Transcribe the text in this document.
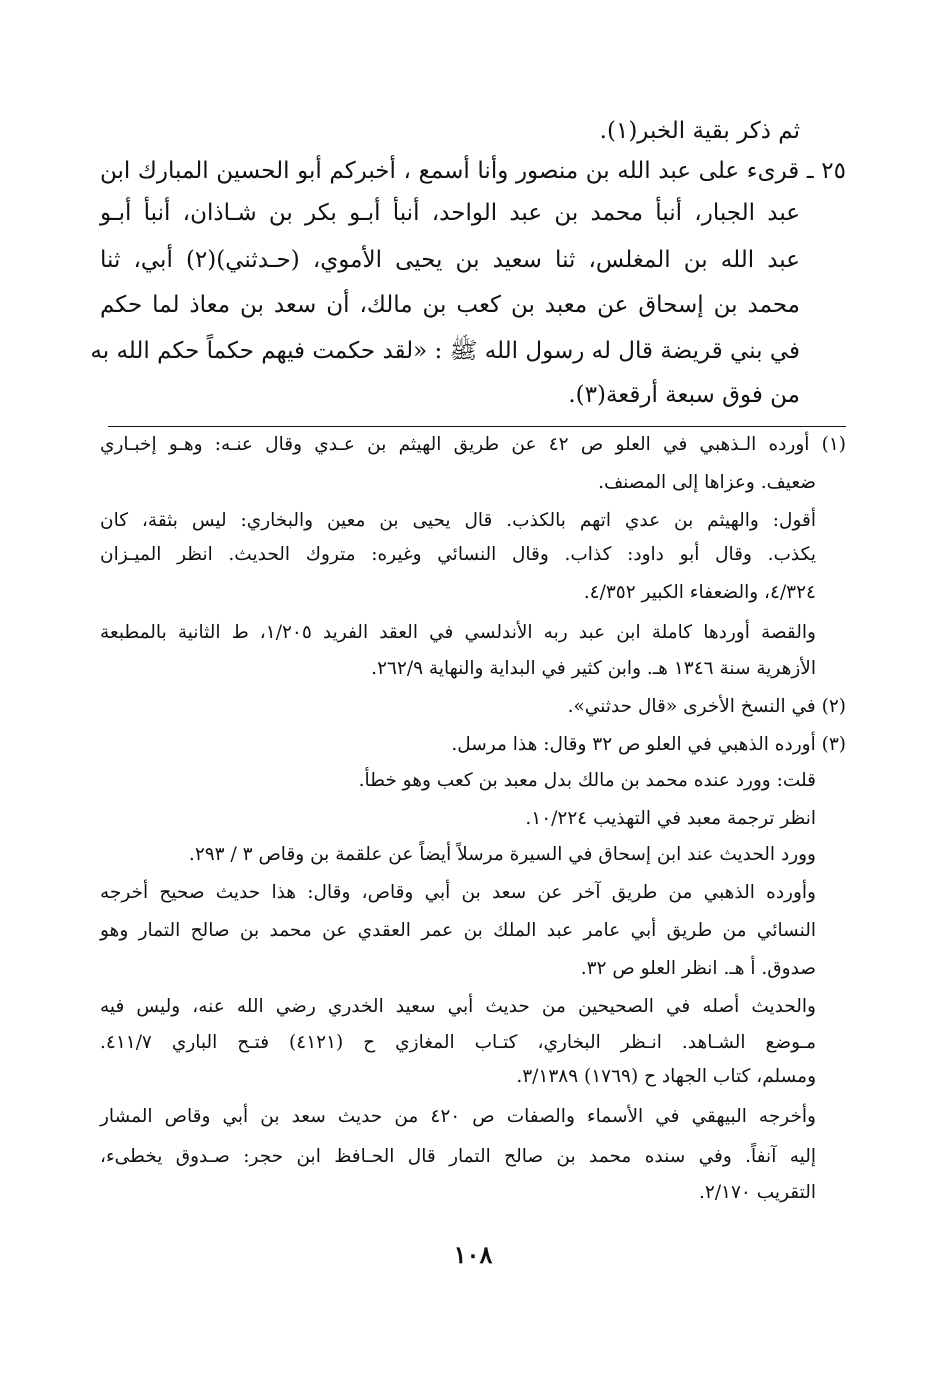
ثم ذكر بقية الخبر(١).

٢٥ ـ قرىء على عبد الله بن منصور وأنا أسمع ، أخبركم أبو الحسين المبارك ابن

عبد الجبار، أنبأ محمد بن عبد الواحد، أنبأ أبـو بكر بن شـاذان، أنبأ أبـو

عبد الله بن المغلس، ثنا سعيد بن يحيى الأموي، (حـدثني)(٢) أبي، ثنا

محمد بن إسحاق عن معبد بن كعب بن مالك، أن سعد بن معاذ لما حكم

في بني قريضة قال له رسول الله ﷺ : «لقد حكمت فيهم حكماً حكم الله به

من فوق سبعة أرقعة(٣).

(١) أورده الـذهبي في العلو ص ٤٢ عن طريق الهيثم بن عـدي وقال عنـه: وهـو إخبـاري

ضعيف. وعزاها إلى المصنف.

أقول: والهيثم بن عدي اتهم بالكذب. قال يحيى بن معين والبخاري: ليس بثقة، كان

يكذب. وقال أبو داود: كذاب. وقال النسائي وغيره: متروك الحديث. انظر الميـزان

٤/٣٢٤، والضعفاء الكبير ٤/٣٥٢.

والقصة أوردها كاملة ابن عبد ربه الأندلسي في العقد الفريد ١/٢٠٥، ط الثانية بالمطبعة

الأزهرية سنة ١٣٤٦ هـ. وابن كثير في البداية والنهاية ٢٦٢/٩.

(٢) في النسخ الأخرى «قال حدثني».

(٣) أورده الذهبي في العلو ص ٣٢ وقال: هذا مرسل.

قلت: وورد عنده محمد بن مالك بدل معبد بن كعب وهو خطأ.

انظر ترجمة معبد في التهذيب ١٠/٢٢٤.

وورد الحديث عند ابن إسحاق في السيرة مرسلاً أيضاً عن علقمة بن وقاص ٣ / ٢٩٣.

وأورده الذهبي من طريق آخر عن سعد بن أبي وقاص، وقال: هذا حديث صحيح أخرجه

النسائي من طريق أبي عامر عبد الملك بن عمر العقدي عن محمد بن صالح التمار وهو

صدوق. أ هـ. انظر العلو ص ٣٢.

والحديث أصله في الصحيحين من حديث أبي سعيد الخدري رضي الله عنه، وليس فيه

مـوضع الشـاهد. انـظر البخاري، كتـاب المغازي ح (٤١٢١) فتـح الباري ٤١١/٧.

ومسلم، كتاب الجهاد ح (١٧٦٩) ٣/١٣٨٩.

وأخرجه البيهقي في الأسماء والصفات ص ٤٢٠ من حديث سعد بن أبي وقاص المشار

إليه آنفاً. وفي سنده محمد بن صالح التمار قال الحـافظ ابن حجر: صـدوق يخطىء،

التقريب ٢/١٧٠.

١٠٨
